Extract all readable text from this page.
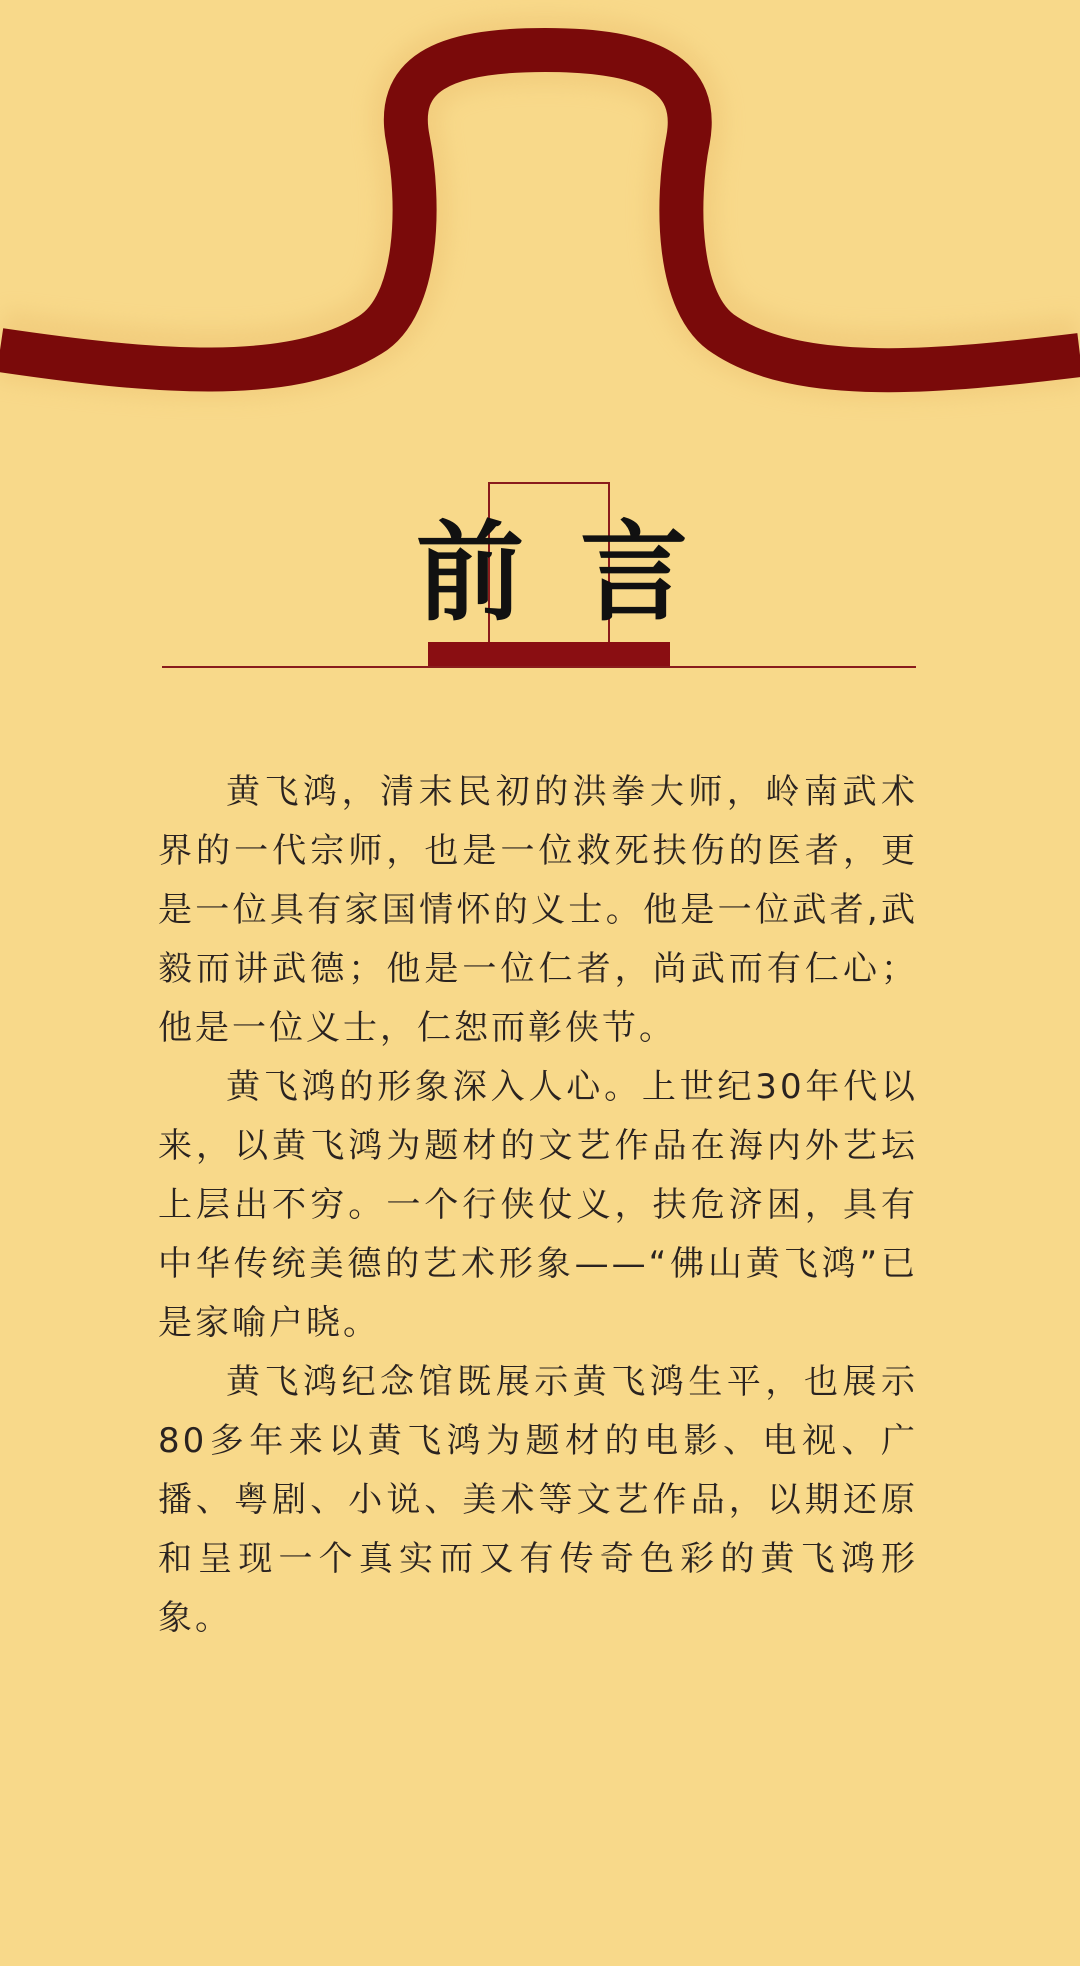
前 言

黄飞鸿，清末民初的洪拳大师，岭南武术界的一代宗师，也是一位救死扶伤的医者，更是一位具有家国情怀的义士。他是一位武者,武毅而讲武德；他是一位仁者，尚武而有仁心；他是一位义士，仁恕而彰侠节。

黄飞鸿的形象深入人心。上世纪30年代以来，以黄飞鸿为题材的文艺作品在海内外艺坛上层出不穷。一个行侠仗义，扶危济困，具有中华传统美德的艺术形象——“佛山黄飞鸿”已是家喻户晓。

黄飞鸿纪念馆既展示黄飞鸿生平，也展示80多年来以黄飞鸿为题材的电影、电视、广播、粤剧、小说、美术等文艺作品，以期还原和呈现一个真实而又有传奇色彩的黄飞鸿形象。
